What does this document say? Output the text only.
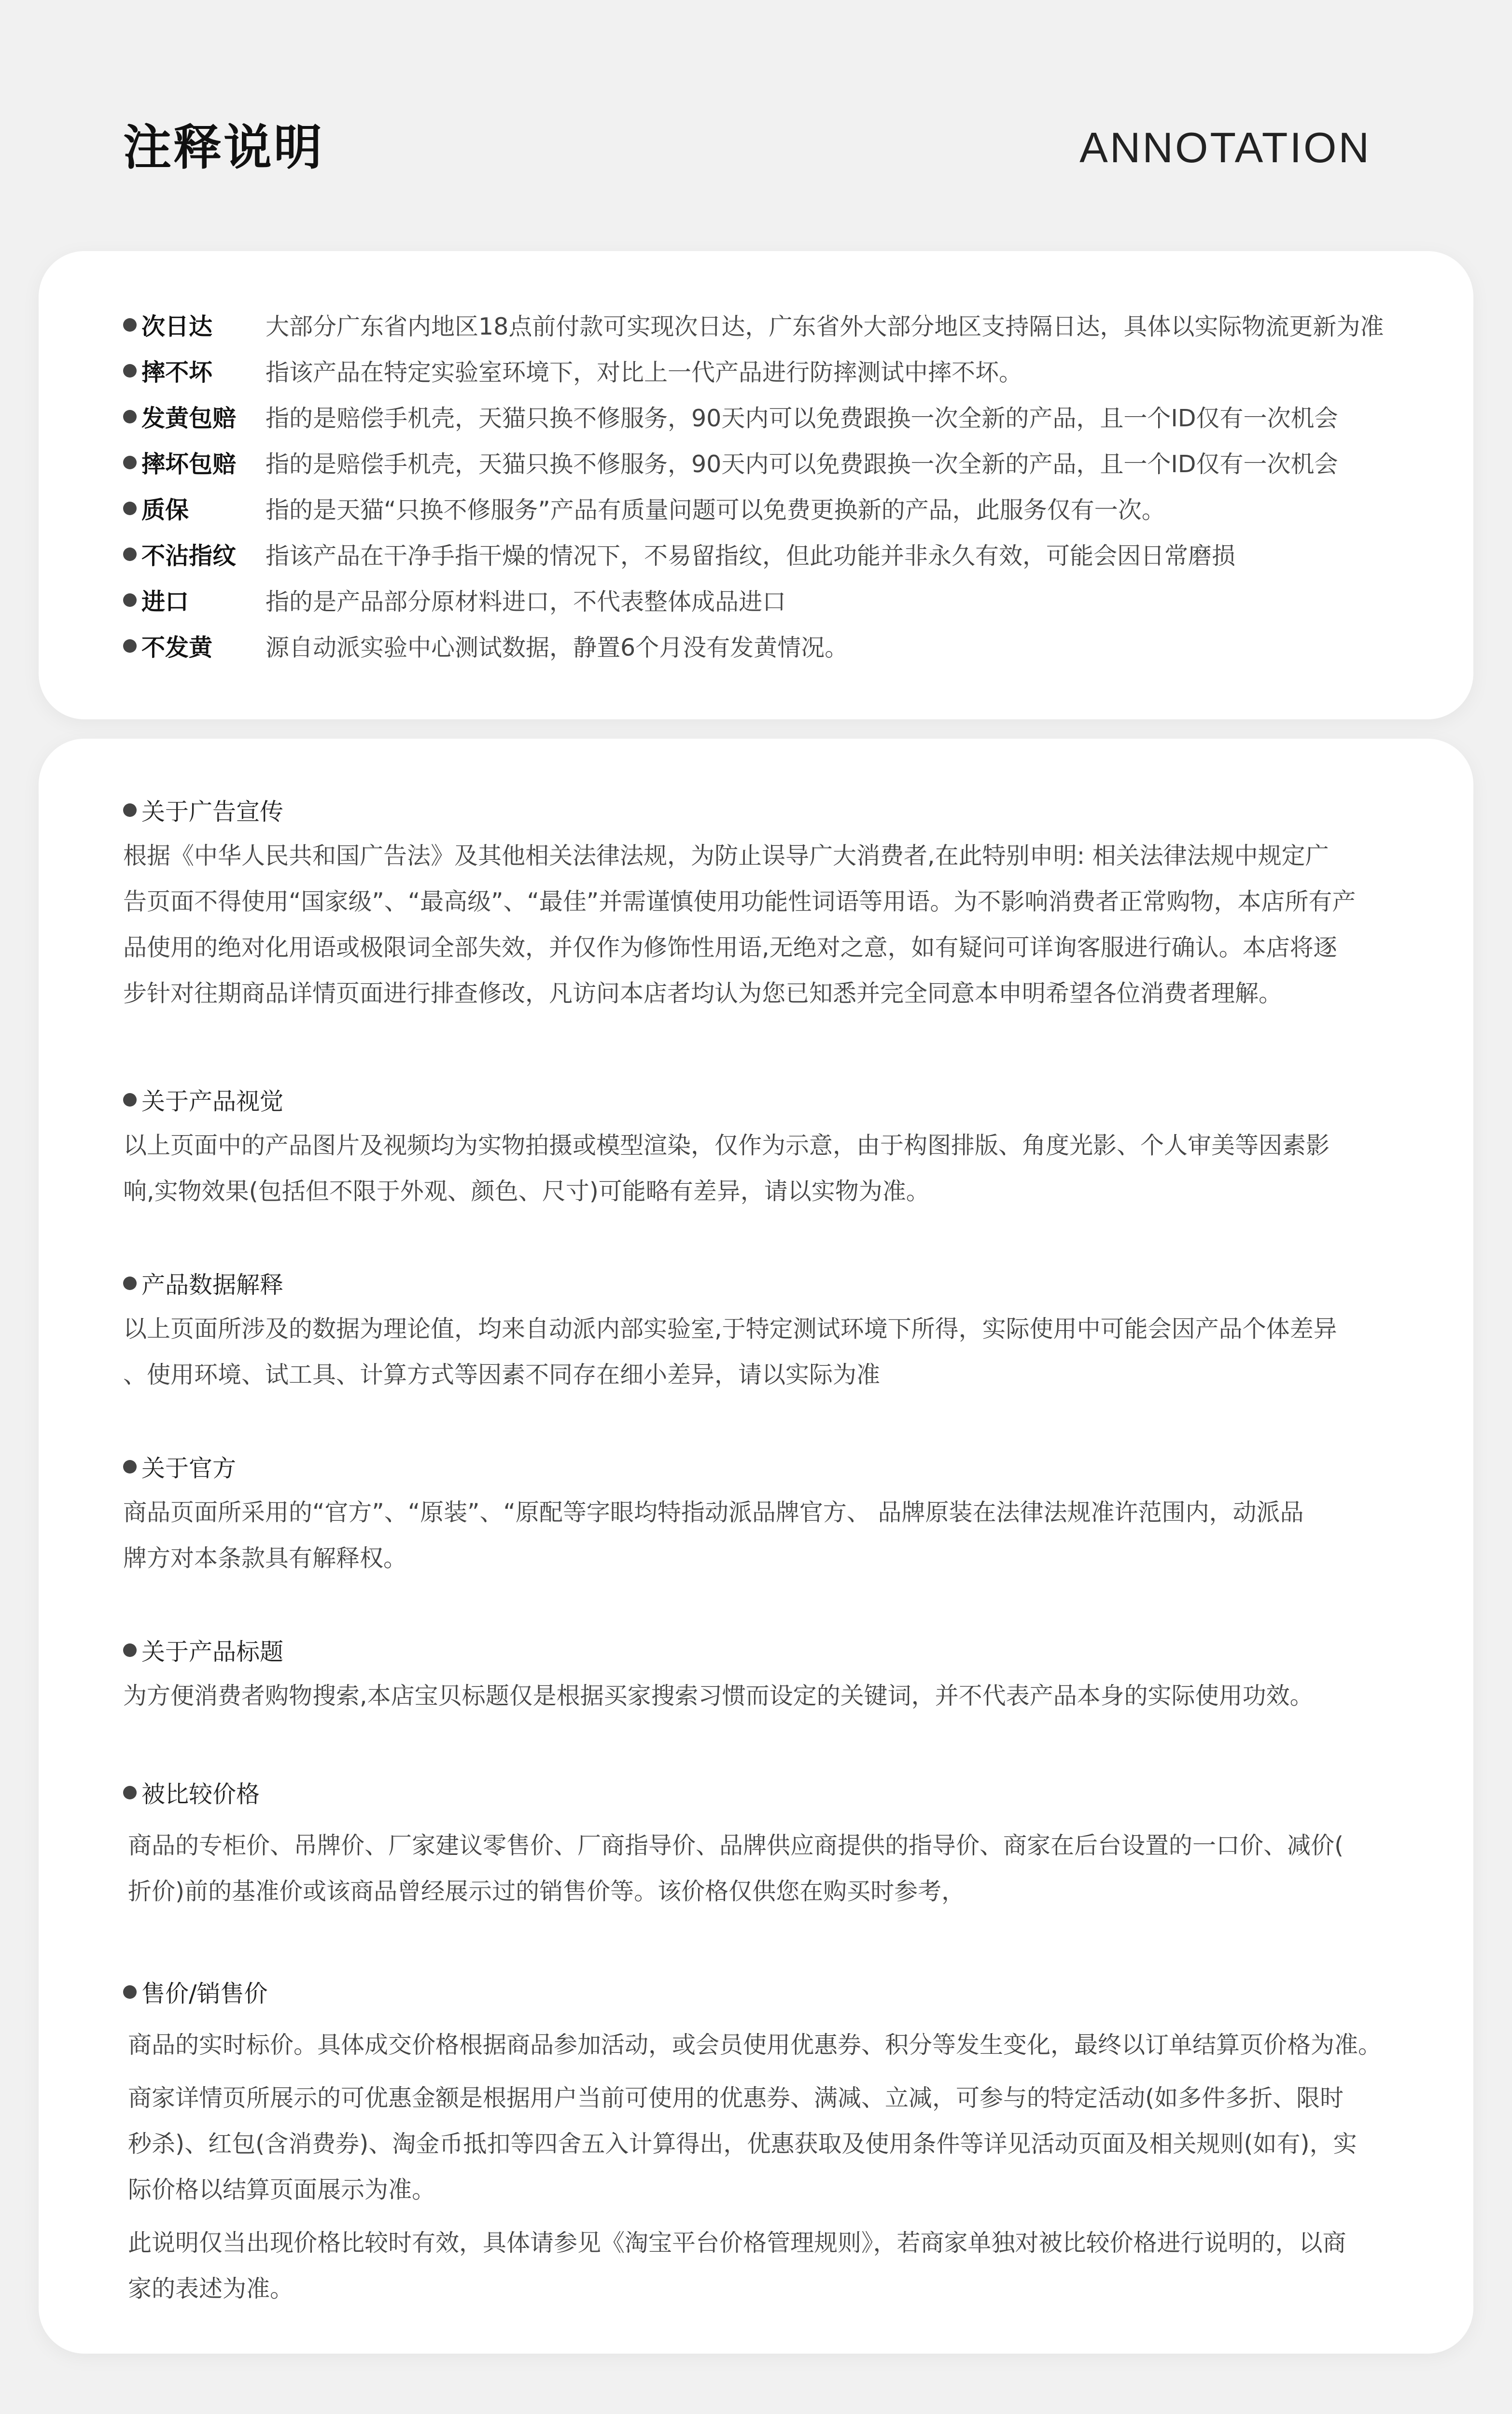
注释说明	ANNOTATION
次日达 大部分广东省内地区18点前付款可实现次日达，广东省外大部分地区支持隔日达，具体以实际物流更新为准
摔不坏 指该产品在特定实验室环境下，对比上一代产品进行防摔测试中摔不坏。
发黄包赔 指的是赔偿手机壳，天猫只换不修服务，90天内可以免费跟换一次全新的产品，且一个ID仅有一次机会
摔坏包赔 指的是赔偿手机壳，天猫只换不修服务，90天内可以免费跟换一次全新的产品，且一个ID仅有一次机会
质保	指的是天猫“只换不修服务”产品有质量问题可以免费更换新的产品，此服务仅有一次。
不沾指纹 指该产品在干净手指干燥的情况下，不易留指纹，但此功能并非永久有效，可能会因日常磨损
进口	指的是产品部分原材料进口，不代表整体成品进口
不发黄 源自动派实验中心测试数据，静置6个月没有发黄情况。
关于广告宣传
根据《中华人民共和国广告法》及其他相关法律法规，为防止误导广大消费者,在此特别申明: 相关法律法规中规定广
告页面不得使用“国家级”、“最高级”、“最佳”并需谨慎使用功能性词语等用语。为不影响消费者正常购物，本店所有产
品使用的绝对化用语或极限词全部失效，并仅作为修饰性用语,无绝对之意，如有疑问可详询客服进行确认。本店将逐
步针对往期商品详情页面进行排查修改，凡访问本店者均认为您已知悉并完全同意本申明希望各位消费者理解。
关于产品视觉
以上页面中的产品图片及视频均为实物拍摄或模型渲染，仅作为示意，由于构图排版、角度光影、个人审美等因素影
响,实物效果(包括但不限于外观、颜色、尺寸)可能略有差异，请以实物为准。
产品数据解释
以上页面所涉及的数据为理论值，均来自动派内部实验室,于特定测试环境下所得，实际使用中可能会因产品个体差异
、使用环境、试工具、计算方式等因素不同存在细小差异，请以实际为准
关于官方
商品页面所采用的“官方”、“原装”、“原配等字眼均特指动派品牌官方、 品牌原装在法律法规准许范围内，动派品
牌方对本条款具有解释权。
关于产品标题
为方便消费者购物搜索,本店宝贝标题仅是根据买家搜索习惯而设定的关键词，并不代表产品本身的实际使用功效。
被比较价格
商品的专柜价、吊牌价、厂家建议零售价、厂商指导价、品牌供应商提供的指导价、商家在后台设置的一口价、减价(
折价)前的基准价或该商品曾经展示过的销售价等。该价格仅供您在购买时参考，
售价/销售价
商品的实时标价。具体成交价格根据商品参加活动，或会员使用优惠券、积分等发生变化，最终以订单结算页价格为准。
商家详情页所展示的可优惠金额是根据用户当前可使用的优惠券、满减、立减，可参与的特定活动(如多件多折、限时
秒杀)、红包(含消费券)、淘金币抵扣等四舍五入计算得出，优惠获取及使用条件等详见活动页面及相关规则(如有)，实
际价格以结算页面展示为准。
此说明仅当出现价格比较时有效，具体请参见《淘宝平台价格管理规则》，若商家单独对被比较价格进行说明的，以商
家的表述为准。
